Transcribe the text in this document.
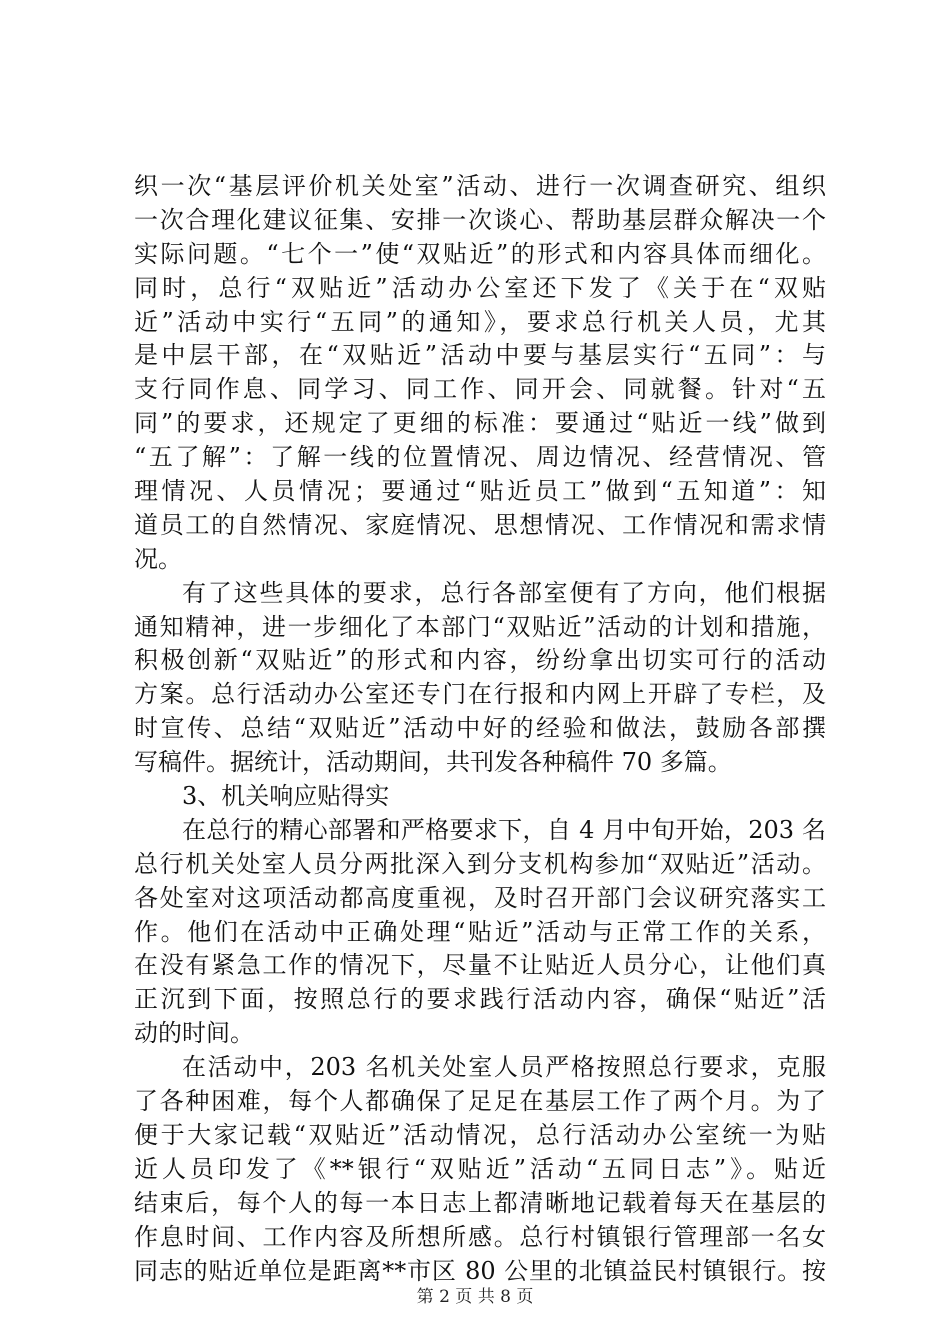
织一次“基层评价机关处室”活动、进行一次调查研究、组织
一次合理化建议征集、安排一次谈心、帮助基层群众解决一个
实际问题。“七个一”使“双贴近”的形式和内容具体而细化。
同时，总行“双贴近”活动办公室还下发了《关于在“双贴
近”活动中实行“五同”的通知》，要求总行机关人员，尤其
是中层干部，在“双贴近”活动中要与基层实行“五同”：与
支行同作息、同学习、同工作、同开会、同就餐。针对“五
同”的要求，还规定了更细的标准：要通过“贴近一线”做到
“五了解”：了解一线的位置情况、周边情况、经营情况、管
理情况、人员情况；要通过“贴近员工”做到“五知道”：知
道员工的自然情况、家庭情况、思想情况、工作情况和需求情
况。
有了这些具体的要求，总行各部室便有了方向，他们根据
通知精神，进一步细化了本部门“双贴近”活动的计划和措施，
积极创新“双贴近”的形式和内容，纷纷拿出切实可行的活动
方案。总行活动办公室还专门在行报和内网上开辟了专栏，及
时宣传、总结“双贴近”活动中好的经验和做法，鼓励各部撰
写稿件。据统计，活动期间，共刊发各种稿件 70 多篇。
3、机关响应贴得实
在总行的精心部署和严格要求下，自 4 月中旬开始，203 名
总行机关处室人员分两批深入到分支机构参加“双贴近”活动。
各处室对这项活动都高度重视，及时召开部门会议研究落实工
作。他们在活动中正确处理“贴近”活动与正常工作的关系，
在没有紧急工作的情况下，尽量不让贴近人员分心，让他们真
正沉到下面，按照总行的要求践行活动内容，确保“贴近”活
动的时间。
在活动中，203 名机关处室人员严格按照总行要求，克服
了各种困难，每个人都确保了足足在基层工作了两个月。为了
便于大家记载“双贴近”活动情况，总行活动办公室统一为贴
近人员印发了《**银行“双贴近”活动“五同日志”》。贴近
结束后，每个人的每一本日志上都清晰地记载着每天在基层的
作息时间、工作内容及所想所感。总行村镇银行管理部一名女
同志的贴近单位是距离**市区 80 公里的北镇益民村镇银行。按
第 2 页 共 8 页
